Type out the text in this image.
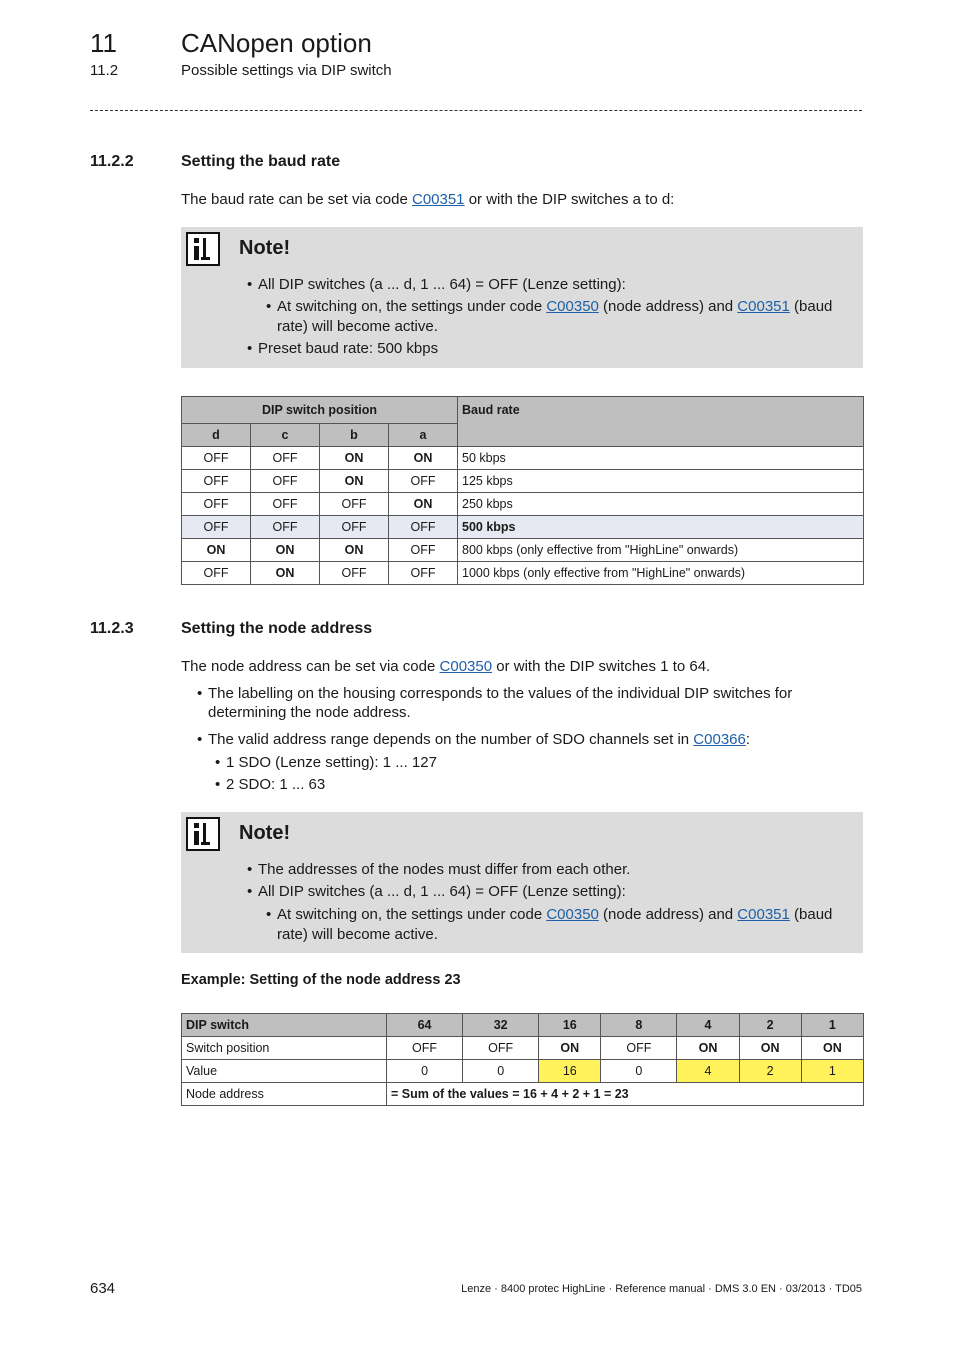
11 CANopen option
11.2	Possible settings via DIP switch
11.2.2	Setting the baud rate
The baud rate can be set via code C00351 or with the DIP switches a to d:
Note!
• All DIP switches (a ... d, 1 ... 64) = OFF (Lenze setting):
• At switching on, the settings under code C00350 (node address) and C00351 (baud
rate) will become active.
• Preset baud rate: 500 kbps
DIP switch position				Baud rate
d	c	b	a	
OFF	OFF	ON	ON	50 kbps
OFF	OFF	ON	OFF	125 kbps
OFF	OFF	OFF	ON	250 kbps
OFF	OFF	OFF	OFF	500 kbps
ON	ON	ON	OFF	800 kbps (only effective from "HighLine" onwards)
OFF	ON	OFF	OFF	1000 kbps (only effective from "HighLine" onwards)
11.2.3	Setting the node address
The node address can be set via code C00350 or with the DIP switches 1 to 64.
• The labelling on the housing corresponds to the values of the individual DIP switches for
determining the node address.
• The valid address range depends on the number of SDO channels set in C00366:
• 1 SDO (Lenze setting): 1 ... 127
• 2 SDO: 1 ... 63
Note!
• The addresses of the nodes must differ from each other.
• All DIP switches (a ... d, 1 ... 64) = OFF (Lenze setting):
• At switching on, the settings under code C00350 (node address) and C00351 (baud
rate) will become active.
Example: Setting of the node address 23
DIP switch	64	32	16	8	4	2	1
Switch position	OFF	OFF	ON	OFF	ON	ON	ON
Value	0	0	16	0	4	2	1
Node address	= Sum of the values = 16 + 4 + 2 + 1 = 23						
634	Lenze · 8400 protec HighLine · Reference manual · DMS 3.0 EN · 03/2013 · TD05
